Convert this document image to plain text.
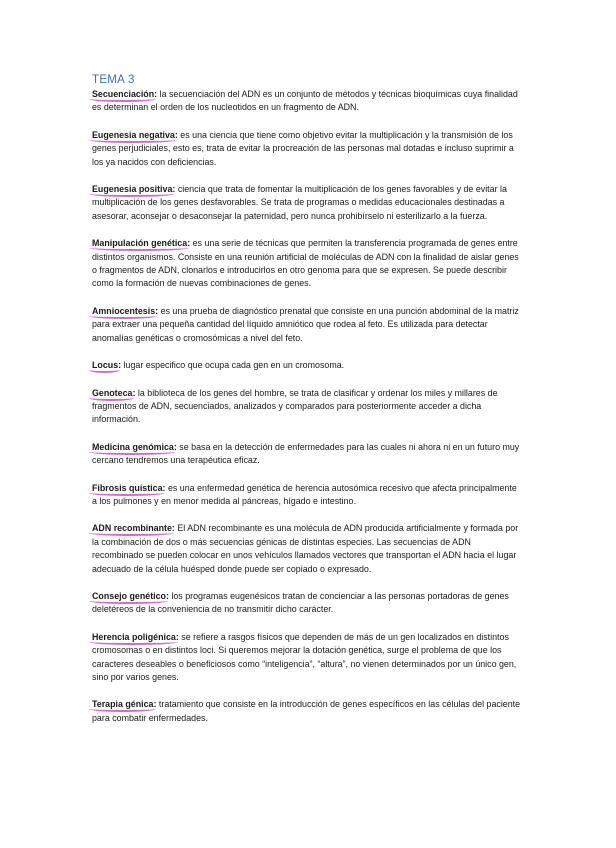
TEMA 3

Secuenciación: la secuenciación del ADN es un conjunto de métodos y técnicas bioquímicas cuya finalidad es determinan el orden de los nucleotidos en un fragmento de ADN.

Eugenesia negativa: es una ciencia que tiene como objetivo evitar la multiplicación y la transmisión de los genes perjudiciales, esto es, trata de evitar la procreación de las personas mal dotadas e incluso suprimir a los ya nacidos con deficiencias.

Eugenesia positiva: ciencia que trata de fomentar la multiplicación de los genes favorables y de evitar la multiplicación de los genes desfavorables. Se trata de programas o medidas educacionales destinadas a asesorar, aconsejar o desaconsejar la paternidad, pero nunca prohibírselo ni esterilizarlo a la fuerza.

Manipulación genética: es una serie de técnicas que permiten la transferencia programada de genes entre distintos organismos. Consiste en una reunión artificial de moléculas de ADN con la finalidad de aislar genes o fragmentos de ADN, clonarlos e introducirlos en otro genoma para que se expresen. Se puede describir como la formación de nuevas combinaciones de genes.

Amniocentesis: es una prueba de diagnóstico prenatal que consiste en una punción abdominal de la matriz para extraer una pequeña cantidad del líquido amniótico que rodea al feto. Es utilizada para detectar anomalías genéticas o cromosómicas a nivel del feto.

Locus: lugar especifico que ocupa cada gen en un cromosoma.

Genoteca: la biblioteca de los genes del hombre, se trata de clasificar y ordenar los miles y millares de fragmentos de ADN, secuenciados, analizados y comparados para posteriormente acceder a dicha información.

Medicina genómica: se basa en la detección de enfermedades para las cuales ni ahora ni en un futuro muy cercano tendremos una terapéutica eficaz.

Fibrosis quística: es una enfermedad genética de herencia autosómica recesivo que afecta principalmente a los pulmones y en menor medida al páncreas, hígado e intestino.

ADN recombinante: El ADN recombinante es una molécula de ADN producida artificialmente y formada por la combinación de dos o más secuencias génicas de distintas especies. Las secuencias de ADN recombinado se pueden colocar en unos vehículos llamados vectores que transportan el ADN hacia el lugar adecuado de la célula huésped donde puede ser copiado o expresado.

Consejo genético: los programas eugenésicos tratan de concienciar a las personas portadoras de genes deletéreos de la conveniencia de no transmitir dicho carácter.

Herencia poligénica: se refiere a rasgos físicos que dependen de más de un gen localizados en distintos cromosomas o en distintos loci. Si queremos mejorar la dotación genética, surge el problema de que los caracteres deseables o beneficiosos como “inteligencia”, “altura”, no vienen determinados por un único gen, sino por varios genes.

Terapia génica: tratamiento que consiste en la introducción de genes específicos en las células del paciente para combatir enfermedades.
